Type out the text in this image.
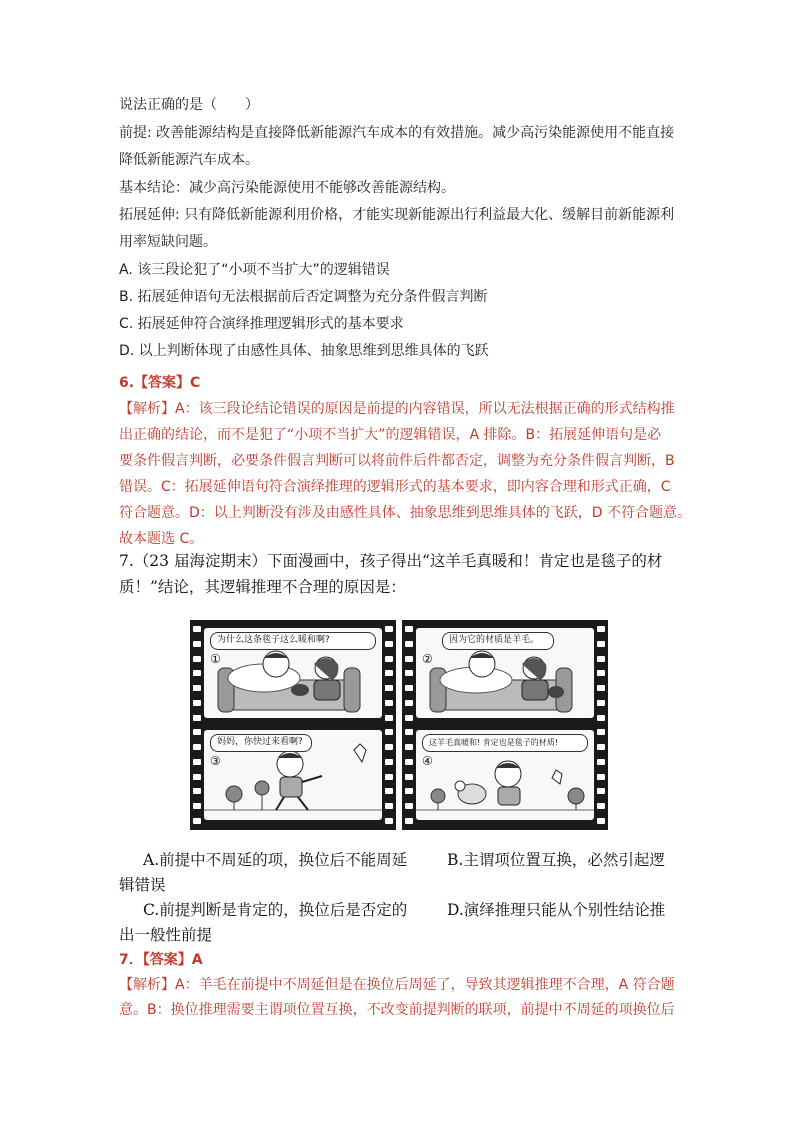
说法正确的是（　　）
前提: 改善能源结构是直接降低新能源汽车成本的有效措施。减少高污染能源使用不能直接
降低新能源汽车成本。
基本结论：减少高污染能源使用不能够改善能源结构。
拓展延伸: 只有降低新能源利用价格，才能实现新能源出行利益最大化、缓解目前新能源利
用率短缺问题。
A. 该三段论犯了“小项不当扩大”的逻辑错误
B. 拓展延伸语句无法根据前后否定调整为充分条件假言判断
C. 拓展延伸符合演绎推理逻辑形式的基本要求
D. 以上判断体现了由感性具体、抽象思维到思维具体的飞跃
6.【答案】C
【解析】A：该三段论结论错误的原因是前提的内容错误，所以无法根据正确的形式结构推
出正确的结论，而不是犯了“小项不当扩大”的逻辑错误，A 排除。B：拓展延伸语句是必
要条件假言判断，必要条件假言判断可以将前件后件都否定，调整为充分条件假言判断，B
错误。C：拓展延伸语句符合演绎推理的逻辑形式的基本要求，即内容合理和形式正确，C
符合题意。D：以上判断没有涉及由感性具体、抽象思维到思维具体的飞跃，D 不符合题意。
故本题选 C。
7.（23 届海淀期末）下面漫画中，孩子得出“这羊毛真暖和！肯定也是毯子的材
质！”结论，其逻辑推理不合理的原因是：
为什么这条毯子这么暖和啊?
①
妈妈，你快过来看啊?
③
因为它的材质是羊毛。
②
这羊毛真暖和! 肯定也是毯子的材质!
④
A.前提中不周延的项，换位后不能周延	B.主谓项位置互换，必然引起逻
辑错误
C.前提判断是肯定的，换位后是否定的	D.演绎推理只能从个别性结论推
出一般性前提
7．【答案】A
【解析】A：羊毛在前提中不周延但是在换位后周延了，导致其逻辑推理不合理，A 符合题
意。B：换位推理需要主谓项位置互换，不改变前提判断的联项，前提中不周延的项换位后
